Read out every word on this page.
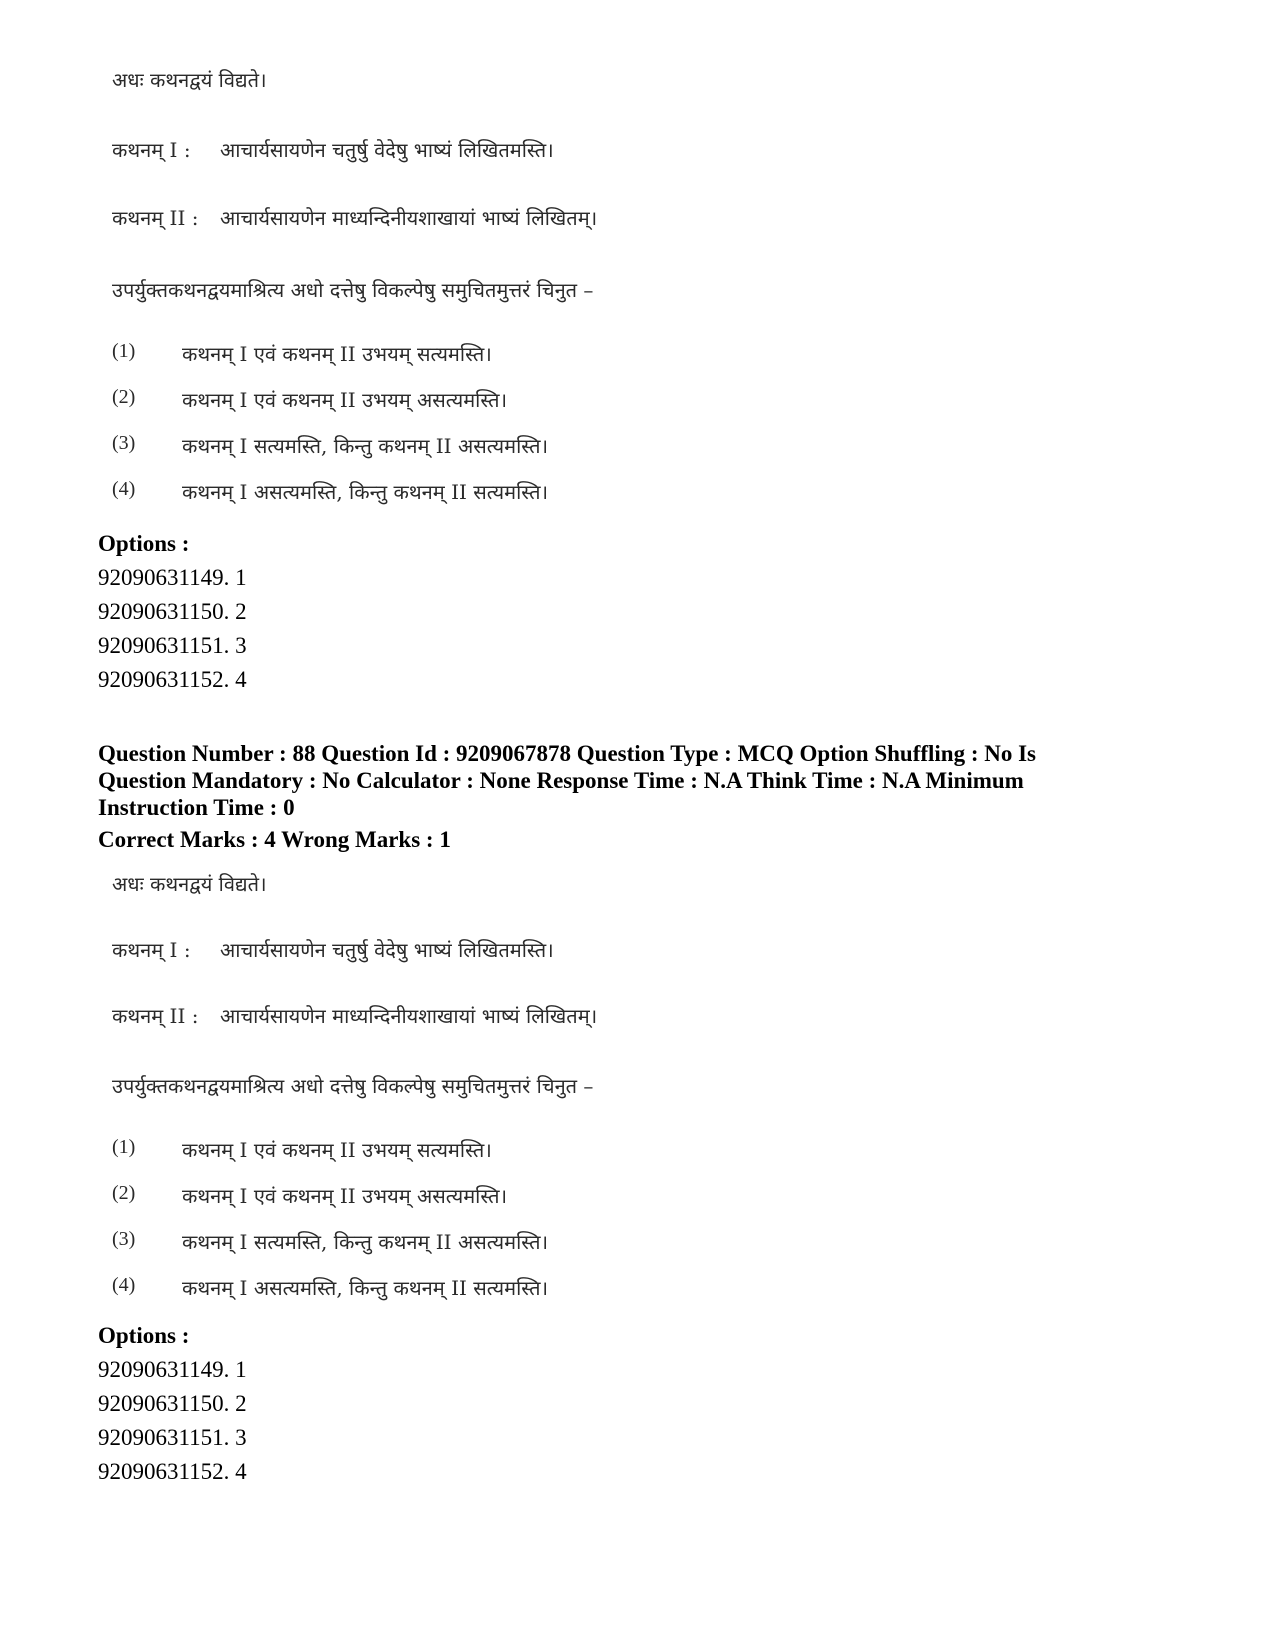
अधः कथनद्वयं विद्यते।
कथनम् I : आचार्यसायणेन चतुर्षु वेदेषु भाष्यं लिखितमस्ति।
कथनम् II : आचार्यसायणेन माध्यन्दिनीयशाखायां भाष्यं लिखितम्।
उपर्युक्तकथनद्वयमाश्रित्य अधो दत्तेषु विकल्पेषु समुचितमुत्तरं चिनुत –
(1) कथनम् I एवं कथनम् II उभयम् सत्यमस्ति।
(2) कथनम् I एवं कथनम् II उभयम् असत्यमस्ति।
(3) कथनम् I सत्यमस्ति, किन्तु कथनम् II असत्यमस्ति।
(4) कथनम् I असत्यमस्ति, किन्तु कथनम् II सत्यमस्ति।
Options :
92090631149. 1
92090631150. 2
92090631151. 3
92090631152. 4
Question Number : 88 Question Id : 9209067878 Question Type : MCQ Option Shuffling : No Is
Question Mandatory : No Calculator : None Response Time : N.A Think Time : N.A Minimum
Instruction Time : 0
Correct Marks : 4 Wrong Marks : 1
अधः कथनद्वयं विद्यते।
कथनम् I : आचार्यसायणेन चतुर्षु वेदेषु भाष्यं लिखितमस्ति।
कथनम् II : आचार्यसायणेन माध्यन्दिनीयशाखायां भाष्यं लिखितम्।
उपर्युक्तकथनद्वयमाश्रित्य अधो दत्तेषु विकल्पेषु समुचितमुत्तरं चिनुत –
(1) कथनम् I एवं कथनम् II उभयम् सत्यमस्ति।
(2) कथनम् I एवं कथनम् II उभयम् असत्यमस्ति।
(3) कथनम् I सत्यमस्ति, किन्तु कथनम् II असत्यमस्ति।
(4) कथनम् I असत्यमस्ति, किन्तु कथनम् II सत्यमस्ति।
Options :
92090631149. 1
92090631150. 2
92090631151. 3
92090631152. 4
